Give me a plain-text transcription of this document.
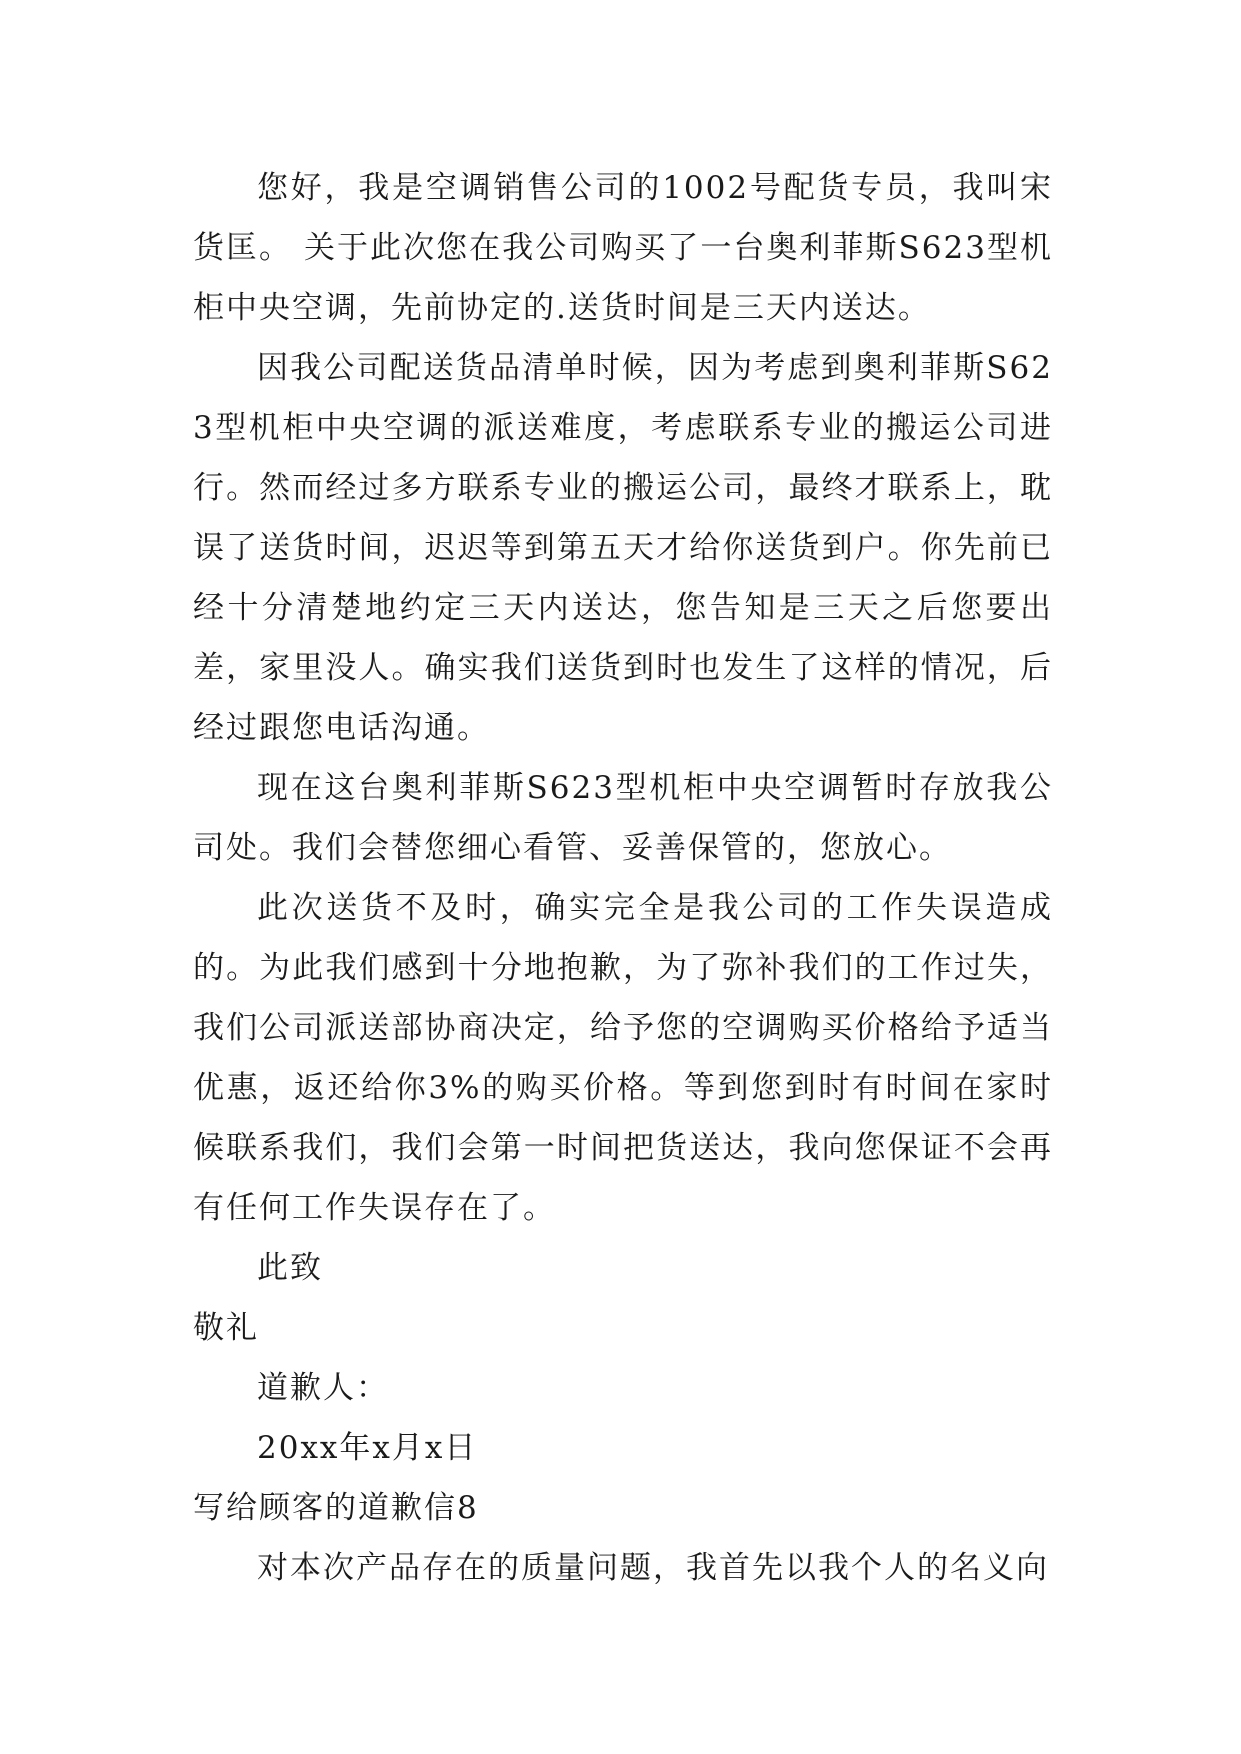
您好，我是空调销售公司的1002号配货专员，我叫宋货匡。 关于此次您在我公司购买了一台奥利菲斯S623型机柜中央空调，先前协定的.送货时间是三天内送达。

因我公司配送货品清单时候，因为考虑到奥利菲斯S623型机柜中央空调的派送难度，考虑联系专业的搬运公司进行。然而经过多方联系专业的搬运公司，最终才联系上，耽误了送货时间，迟迟等到第五天才给你送货到户。你先前已经十分清楚地约定三天内送达，您告知是三天之后您要出差，家里没人。确实我们送货到时也发生了这样的情况，后经过跟您电话沟通。

现在这台奥利菲斯S623型机柜中央空调暂时存放我公司处。我们会替您细心看管、妥善保管的，您放心。

此次送货不及时，确实完全是我公司的工作失误造成的。为此我们感到十分地抱歉，为了弥补我们的工作过失，我们公司派送部协商决定，给予您的空调购买价格给予适当优惠，返还给你3%的购买价格。等到您到时有时间在家时候联系我们，我们会第一时间把货送达，我向您保证不会再有任何工作失误存在了。

此致

敬礼

道歉人：

20xx年x月x日

写给顾客的道歉信8

对本次产品存在的质量问题，我首先以我个人的名义向
